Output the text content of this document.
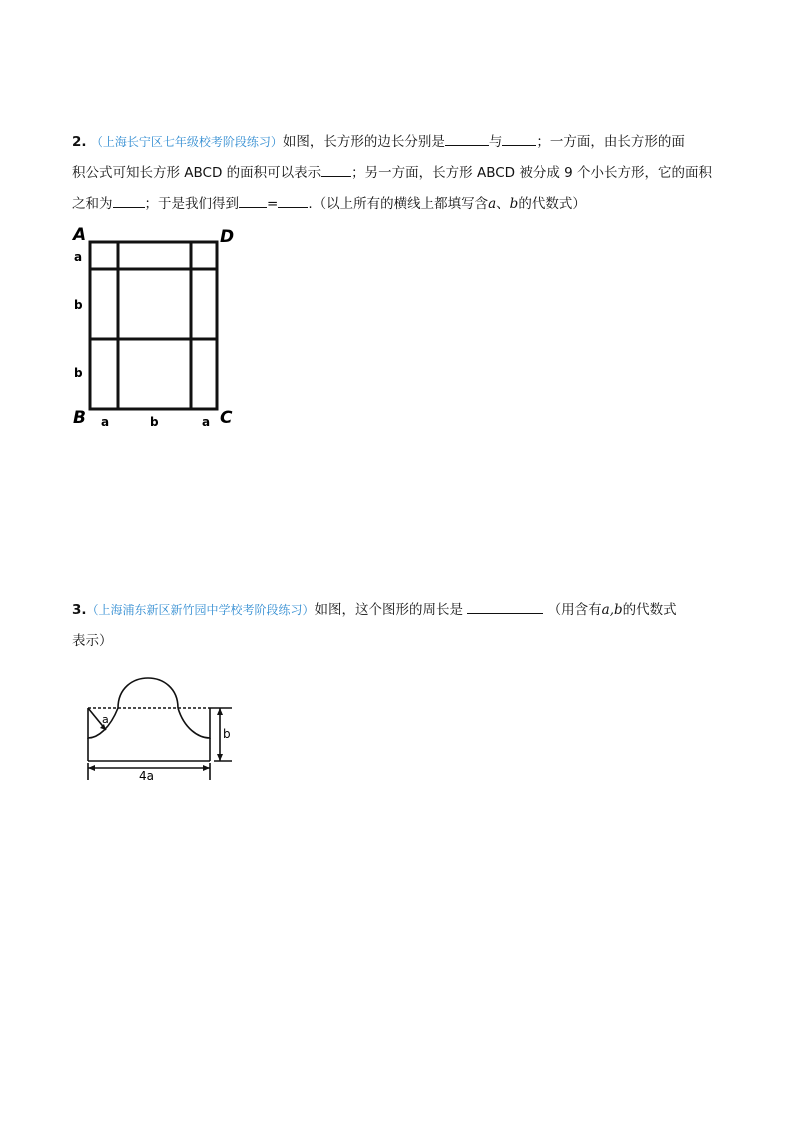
2. （上海长宁区七年级校考阶段练习）如图，长方形的边长分别是	与	；一方面，由长方形的面
积公式可知长方形 ABCD 的面积可以表示 ；另一方面，长方形 ABCD 被分成 9 个小长方形，它的面积
之和为 ；于是我们得到 = .（以上所有的横线上都填写含a、b的代数式）
A	D
B	C
a
b
b
a	b	a
3.（上海浦东新区新竹园中学校考阶段练习）如图，这个图形的周长是	（用含有a,b的代数式
表示）
a
b
4a
